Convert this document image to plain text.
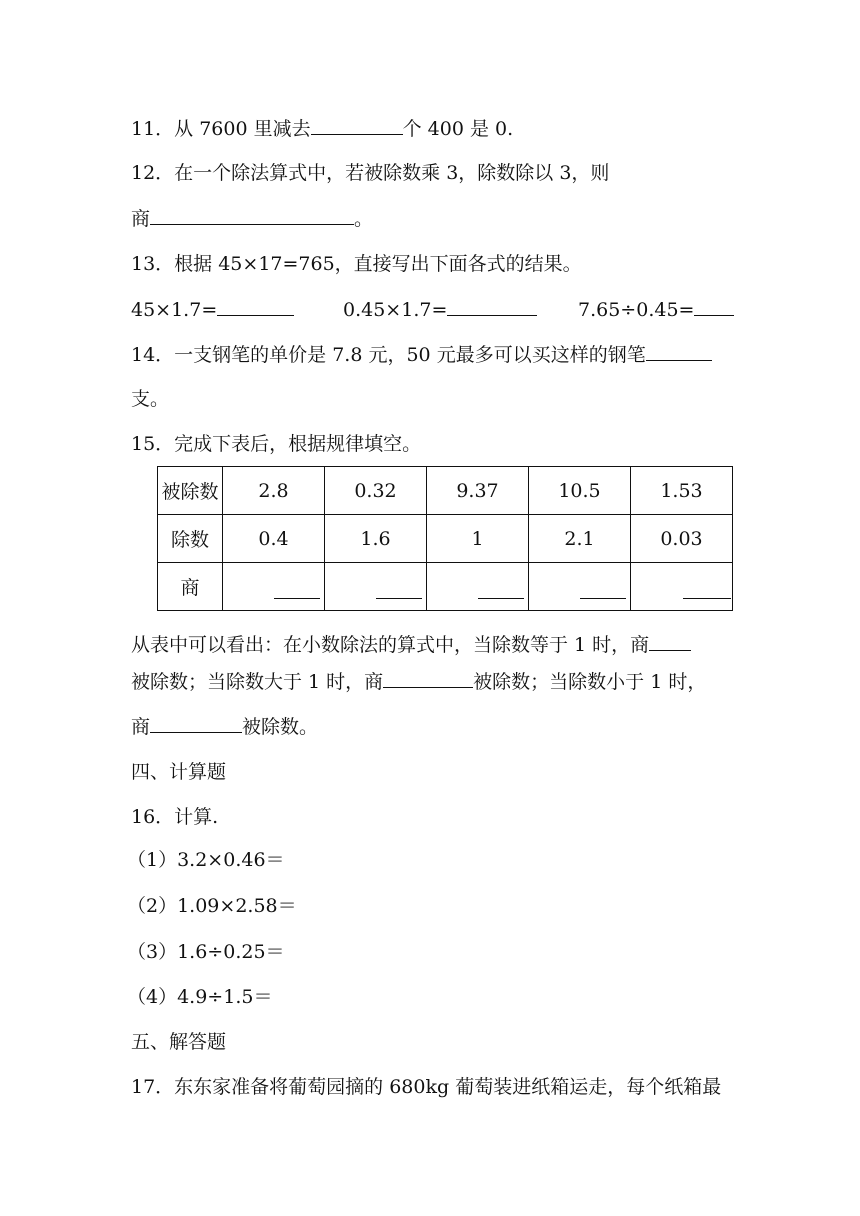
11．从 7600 里减去	个 400 是 0.
12．在一个除法算式中，若被除数乘 3，除数除以 3，则
商	。
13．根据 45×17=765，直接写出下面各式的结果。
45×1.7=	0.45×1.7=	7.65÷0.45=
14．一支钢笔的单价是 7.8 元，50 元最多可以买这样的钢笔
支。
15．完成下表后，根据规律填空。
被除数	2.8	0.32	9.37	10.5	1.53
除数	0.4	1.6	1	2.1	0.03
商	

从表中可以看出：在小数除法的算式中，当除数等于 1 时，商
被除数；当除数大于 1 时，商	被除数；当除数小于 1 时，
商	被除数。
四、计算题
16．计算.
（1）3.2×0.46＝
（2）1.09×2.58＝
（3）1.6÷0.25＝
（4）4.9÷1.5＝
五、解答题
17．东东家准备将葡萄园摘的 680kg 葡萄装进纸箱运走，每个纸箱最
